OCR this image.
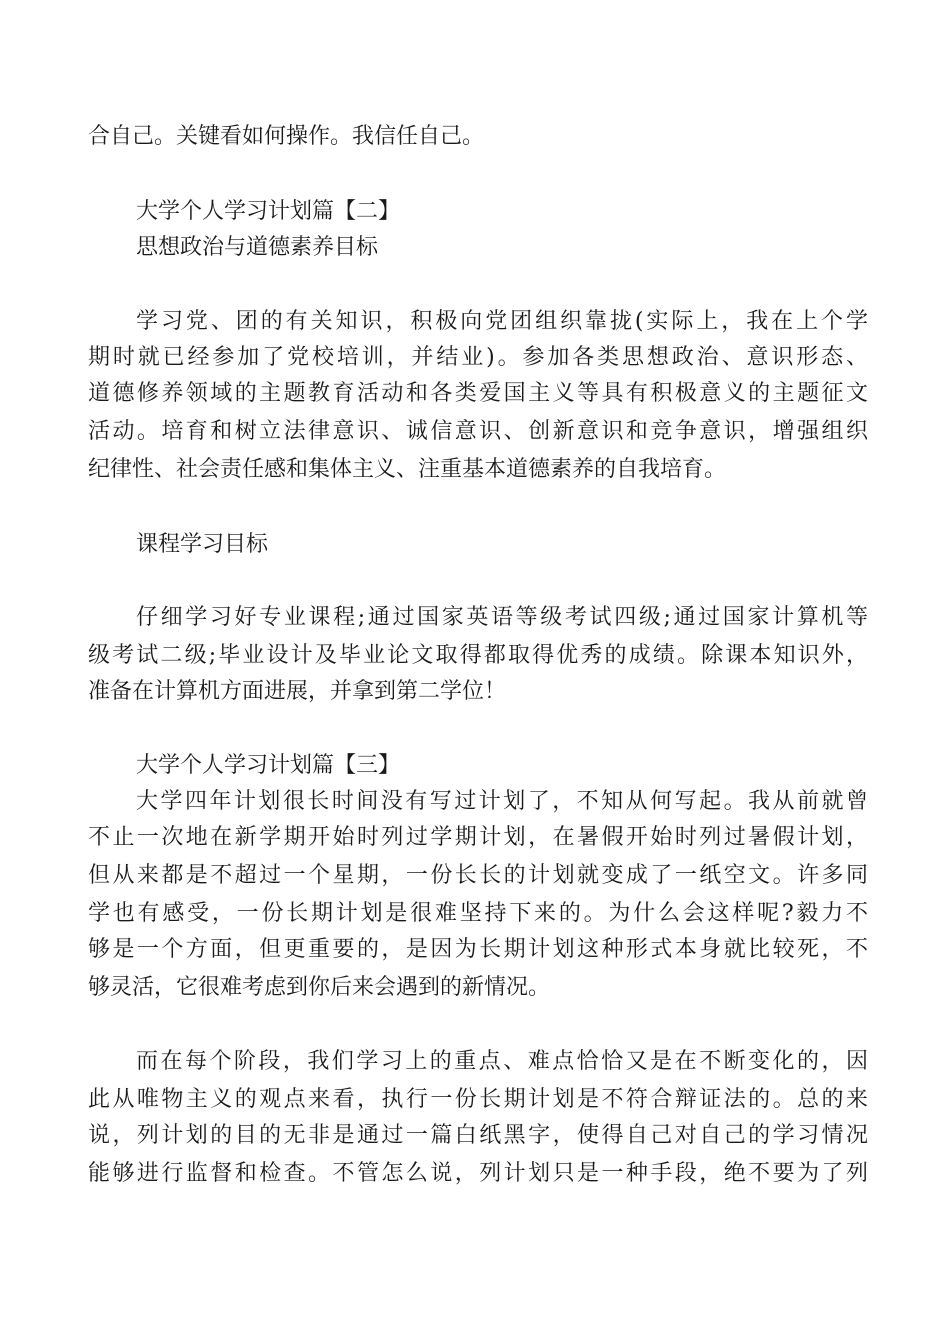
合自己。关键看如何操作。我信任自己。

大学个人学习计划篇【二】

思想政治与道德素养目标

学习党、团的有关知识，积极向党团组织靠拢(实际上，我在上个学

期时就已经参加了党校培训，并结业)。参加各类思想政治、意识形态、

道德修养领域的主题教育活动和各类爱国主义等具有积极意义的主题征文

活动。培育和树立法律意识、诚信意识、创新意识和竞争意识，增强组织

纪律性、社会责任感和集体主义、注重基本道德素养的自我培育。

课程学习目标

仔细学习好专业课程;通过国家英语等级考试四级;通过国家计算机等

级考试二级;毕业设计及毕业论文取得都取得优秀的成绩。除课本知识外，

准备在计算机方面进展，并拿到第二学位！

大学个人学习计划篇【三】

大学四年计划很长时间没有写过计划了，不知从何写起。我从前就曾

不止一次地在新学期开始时列过学期计划，在暑假开始时列过暑假计划，

但从来都是不超过一个星期，一份长长的计划就变成了一纸空文。许多同

学也有感受，一份长期计划是很难坚持下来的。为什么会这样呢?毅力不

够是一个方面，但更重要的，是因为长期计划这种形式本身就比较死，不

够灵活，它很难考虑到你后来会遇到的新情况。

而在每个阶段，我们学习上的重点、难点恰恰又是在不断变化的，因

此从唯物主义的观点来看，执行一份长期计划是不符合辩证法的。总的来

说，列计划的目的无非是通过一篇白纸黑字，使得自己对自己的学习情况

能够进行监督和检查。不管怎么说，列计划只是一种手段，绝不要为了列
